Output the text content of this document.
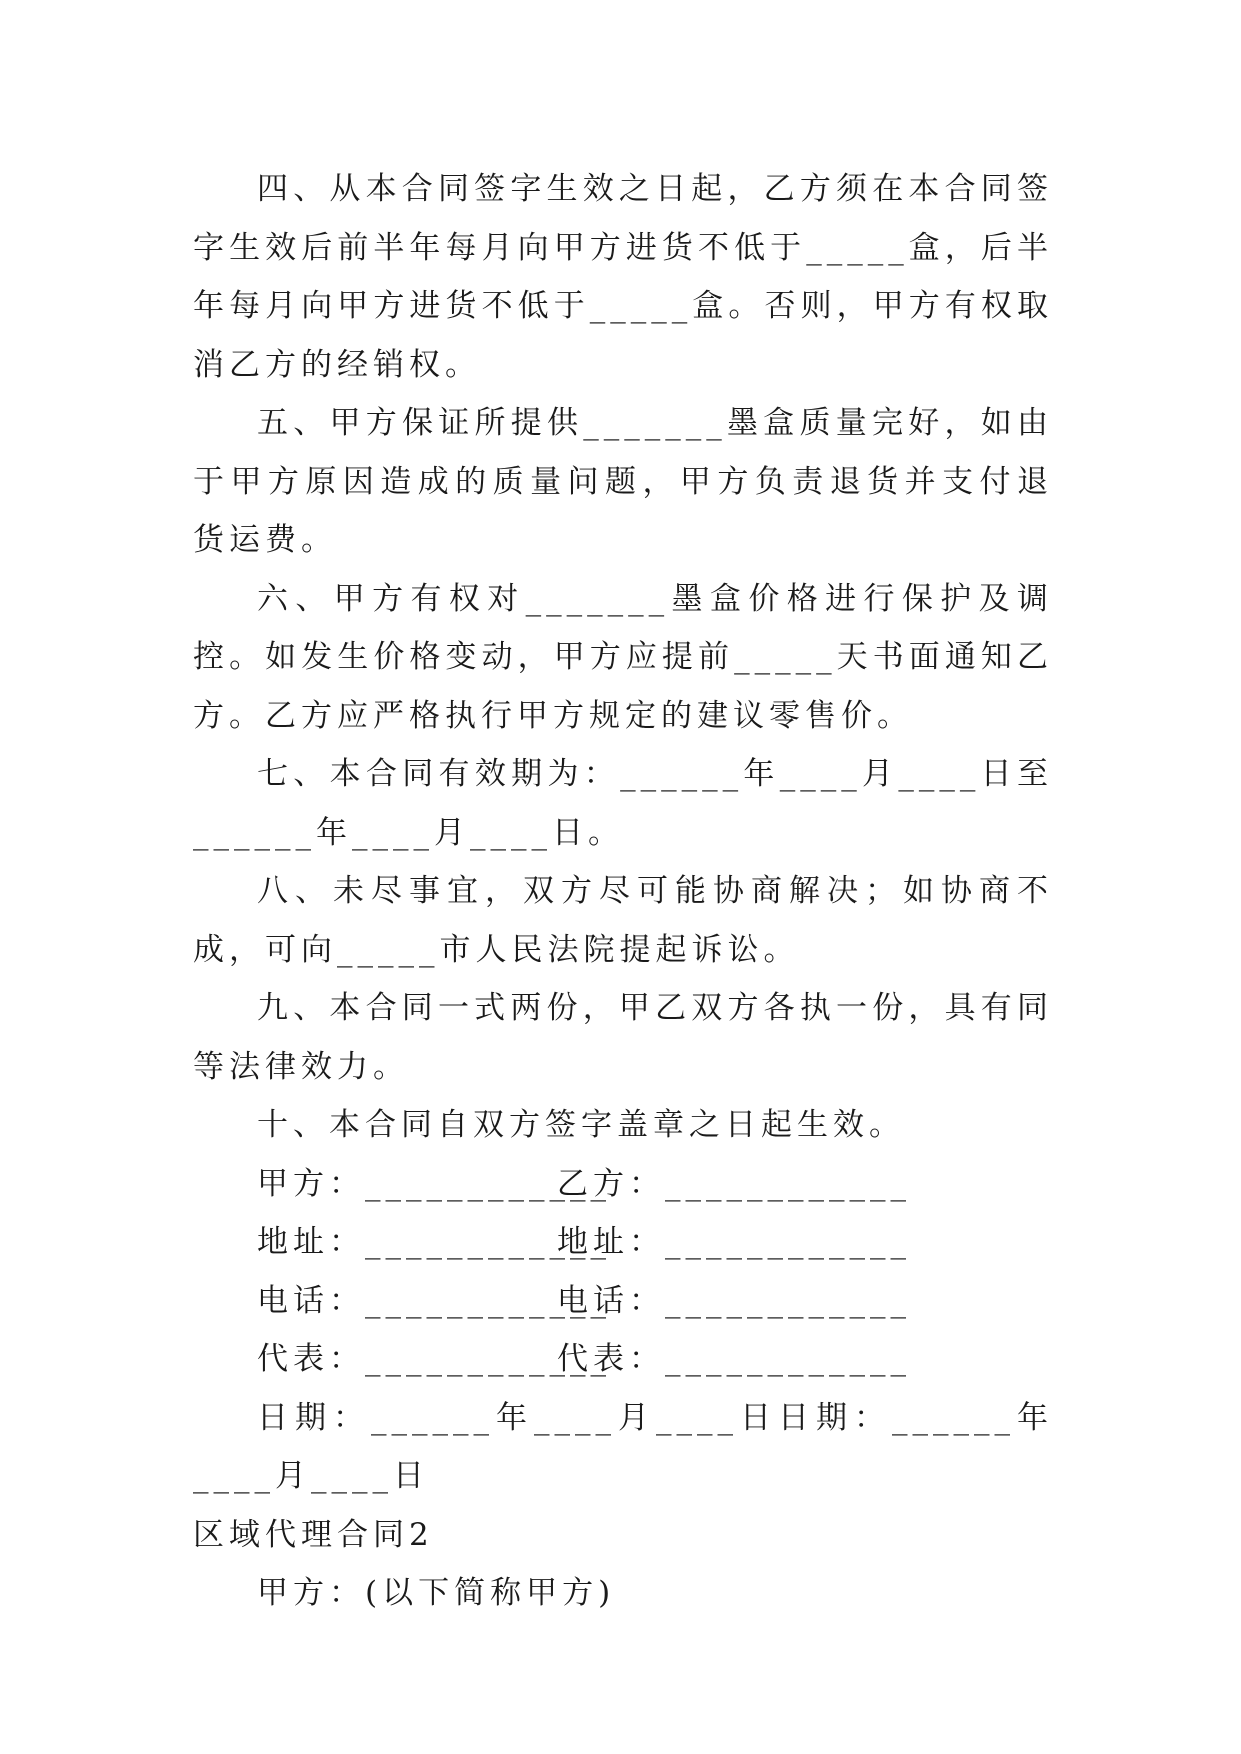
四、从本合同签字生效之日起，乙方须在本合同签字生效后前半年每月向甲方进货不低于_____盒，后半年每月向甲方进货不低于_____盒。否则，甲方有权取消乙方的经销权。

五、甲方保证所提供_______墨盒质量完好，如由于甲方原因造成的质量问题，甲方负责退货并支付退货运费。

六、甲方有权对_______墨盒价格进行保护及调控。如发生价格变动，甲方应提前_____天书面通知乙方。乙方应严格执行甲方规定的建议零售价。

七、本合同有效期为：______年____月____日至______年____月____日。

八、未尽事宜，双方尽可能协商解决；如协商不成，可向_____市人民法院提起诉讼。

九、本合同一式两份，甲乙双方各执一份，具有同等法律效力。

十、本合同自双方签字盖章之日起生效。

甲方：____________乙方：____________

地址：____________地址：____________

电话：____________电话：____________

代表：____________代表：____________

日期：______年____月____日日期：______年____月____日

区域代理合同2

甲方：(以下简称甲方)
